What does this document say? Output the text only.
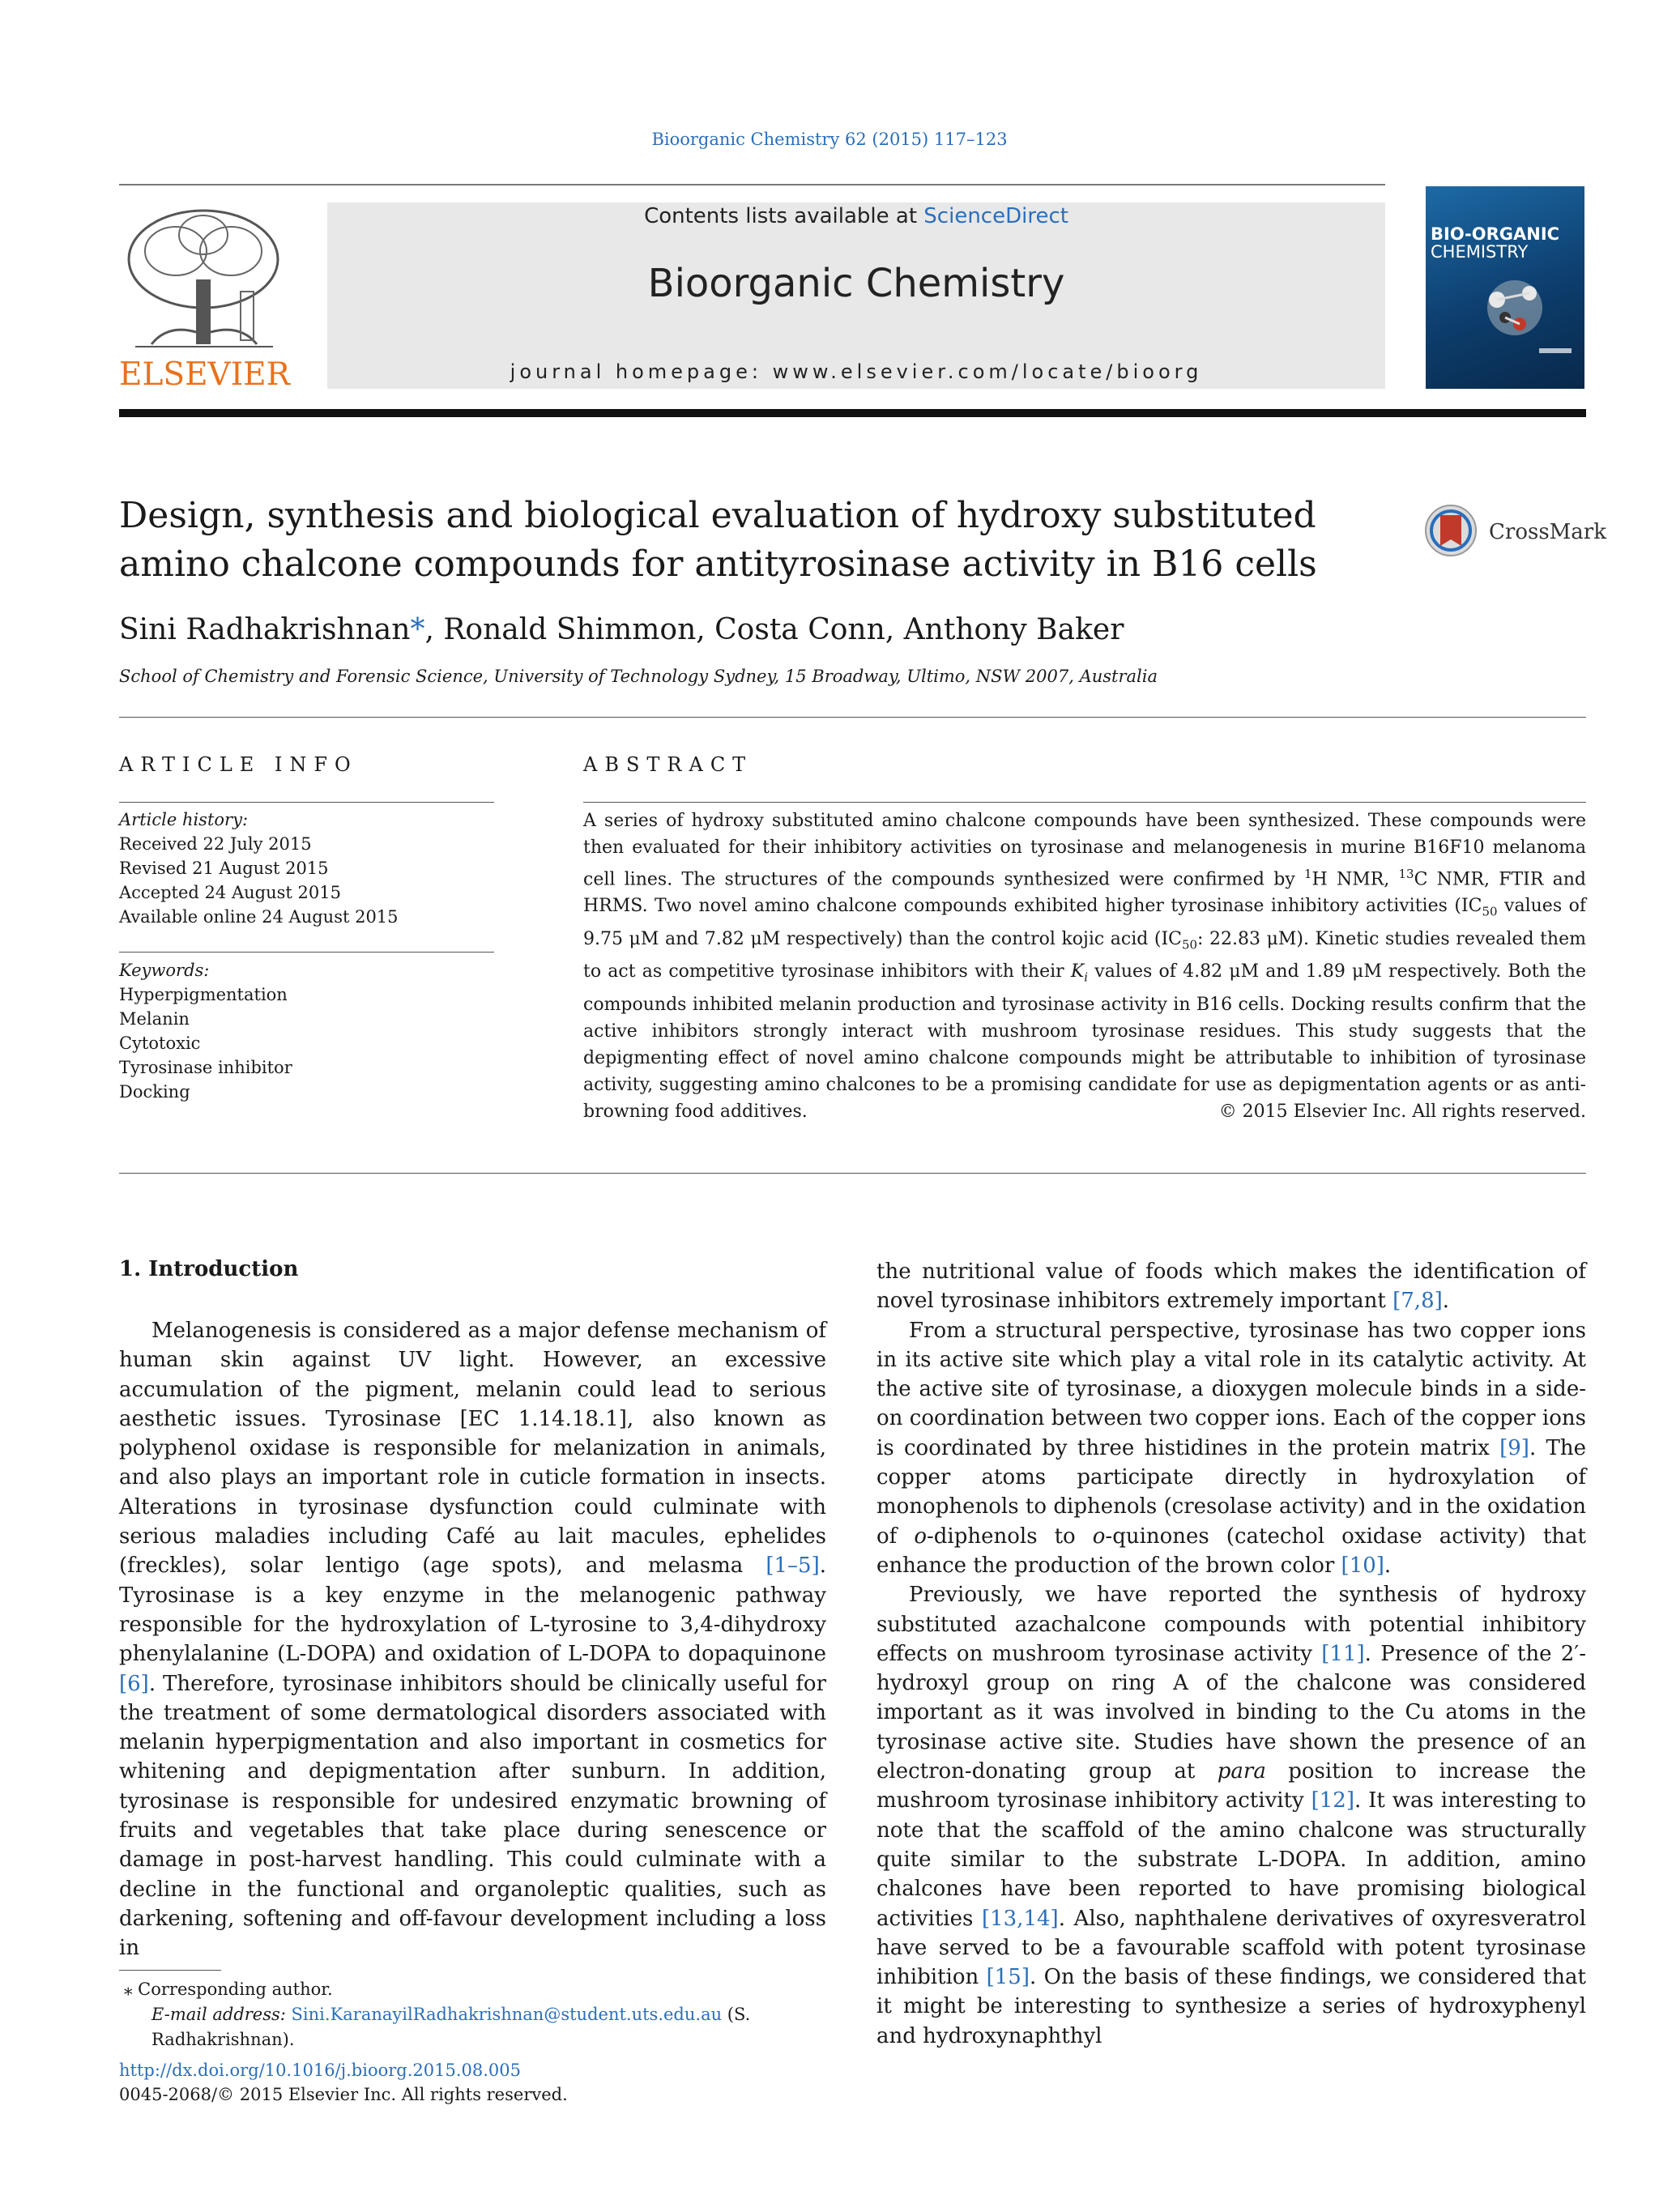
Bioorganic Chemistry 62 (2015) 117–123
ELSEVIER
Contents lists available at ScienceDirect
Bioorganic Chemistry
journal homepage: www.elsevier.com/locate/bioorg
BIO-ORGANIC
CHEMISTRY
Design, synthesis and biological evaluation of hydroxy substituted amino chalcone compounds for antityrosinase activity in B16 cells
CrossMark
Sini Radhakrishnan*, Ronald Shimmon, Costa Conn, Anthony Baker
School of Chemistry and Forensic Science, University of Technology Sydney, 15 Broadway, Ultimo, NSW 2007, Australia
ARTICLE INFO
Article history:
Received 22 July 2015
Revised 21 August 2015
Accepted 24 August 2015
Available online 24 August 2015
Keywords:
Hyperpigmentation
Melanin
Cytotoxic
Tyrosinase inhibitor
Docking
ABSTRACT
A series of hydroxy substituted amino chalcone compounds have been synthesized. These compounds were then evaluated for their inhibitory activities on tyrosinase and melanogenesis in murine B16F10 melanoma cell lines. The structures of the compounds synthesized were confirmed by $^1$H NMR, $^{13}$C NMR, FTIR and HRMS. Two novel amino chalcone compounds exhibited higher tyrosinase inhibitory activities ($IC_{50}$ values of 9.75 μM and 7.82 μM respectively) than the control kojic acid ($IC_{50}$: 22.83 μM). Kinetic studies revealed them to act as competitive tyrosinase inhibitors with their $K_i$ values of 4.82 μM and 1.89 μM respectively. Both the compounds inhibited melanin production and tyrosinase activity in B16 cells. Docking results confirm that the active inhibitors strongly interact with mushroom tyrosinase residues. This study suggests that the depigmenting effect of novel amino chalcone compounds might be attributable to inhibition of tyrosinase activity, suggesting amino chalcones to be a promising candidate for use as depigmentation agents or as anti-browning food additives.	© 2015 Elsevier Inc. All rights reserved.
1. Introduction

Melanogenesis is considered as a major defense mechanism of human skin against UV light. However, an excessive accumulation of the pigment, melanin could lead to serious aesthetic issues. Tyrosinase [EC 1.14.18.1], also known as polyphenol oxidase is responsible for melanization in animals, and also plays an important role in cuticle formation in insects. Alterations in tyrosinase dysfunction could culminate with serious maladies including Café au lait macules, ephelides (freckles), solar lentigo (age spots), and melasma [1–5]. Tyrosinase is a key enzyme in the melanogenic pathway responsible for the hydroxylation of L-tyrosine to 3,4-dihydroxy phenylalanine (L-DOPA) and oxidation of L-DOPA to dopaquinone [6]. Therefore, tyrosinase inhibitors should be clinically useful for the treatment of some dermatological disorders associated with melanin hyperpigmentation and also important in cosmetics for whitening and depigmentation after sunburn. In addition, tyrosinase is responsible for undesired enzymatic browning of fruits and vegetables that take place during senescence or damage in post-harvest handling. This could culminate with a decline in the functional and organoleptic qualities, such as darkening, softening and off-favour development including a loss in

the nutritional value of foods which makes the identification of novel tyrosinase inhibitors extremely important [7,8].

From a structural perspective, tyrosinase has two copper ions in its active site which play a vital role in its catalytic activity. At the active site of tyrosinase, a dioxygen molecule binds in a side-on coordination between two copper ions. Each of the copper ions is coordinated by three histidines in the protein matrix [9]. The copper atoms participate directly in hydroxylation of monophenols to diphenols (cresolase activity) and in the oxidation of o-diphenols to o-quinones (catechol oxidase activity) that enhance the production of the brown color [10].

Previously, we have reported the synthesis of hydroxy substituted azachalcone compounds with potential inhibitory effects on mushroom tyrosinase activity [11]. Presence of the 2′-hydroxyl group on ring A of the chalcone was considered important as it was involved in binding to the Cu atoms in the tyrosinase active site. Studies have shown the presence of an electron-donating group at para position to increase the mushroom tyrosinase inhibitory activity [12]. It was interesting to note that the scaffold of the amino chalcone was structurally quite similar to the substrate L-DOPA. In addition, amino chalcones have been reported to have promising biological activities [13,14]. Also, naphthalene derivatives of oxyresveratrol have served to be a favourable scaffold with potent tyrosinase inhibition [15]. On the basis of these findings, we considered that it might be interesting to synthesize a series of hydroxyphenyl and hydroxynaphthyl

⁎ Corresponding author.
E-mail address: Sini.KaranayilRadhakrishnan@student.uts.edu.au (S. Radhakrishnan).
http://dx.doi.org/10.1016/j.bioorg.2015.08.005
0045-2068/© 2015 Elsevier Inc. All rights reserved.
